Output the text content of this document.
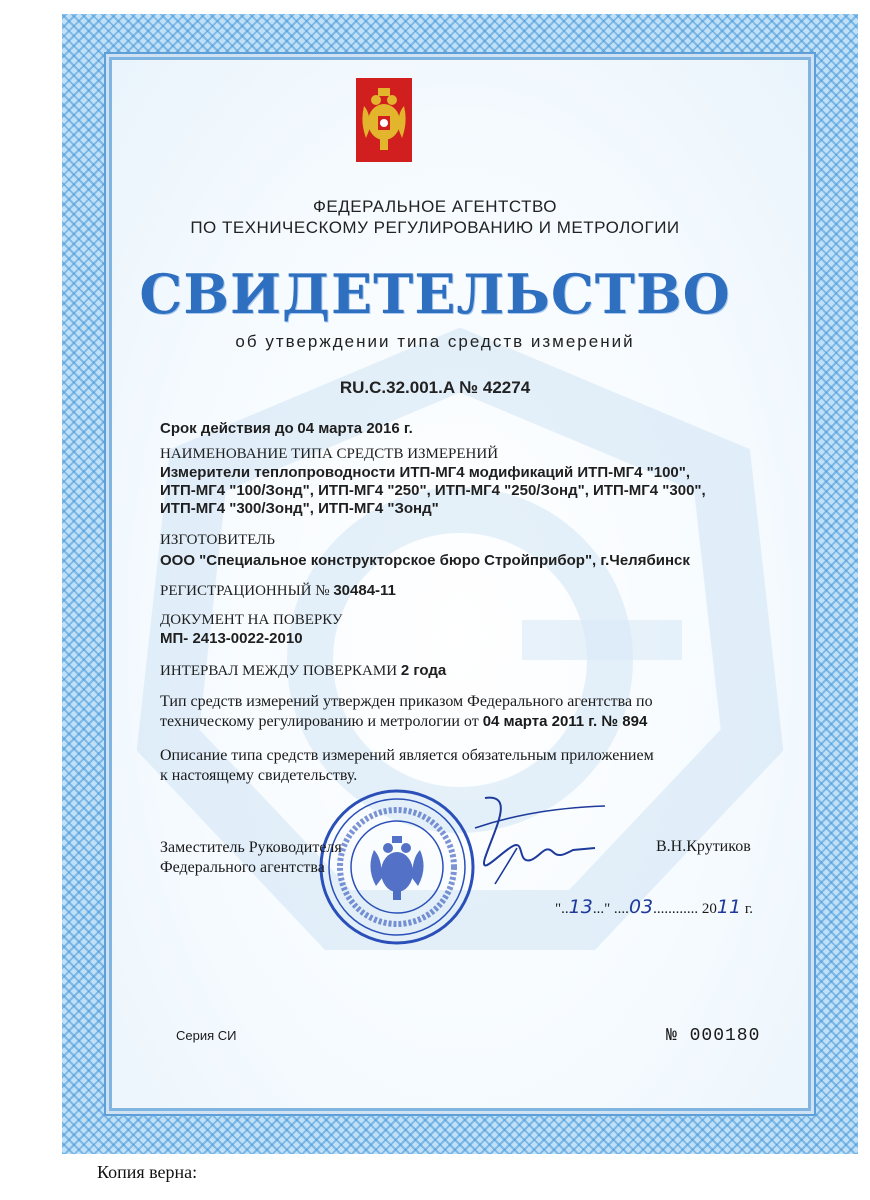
ФЕДЕРАЛЬНОЕ АГЕНТСТВО
ПО ТЕХНИЧЕСКОМУ РЕГУЛИРОВАНИЮ И МЕТРОЛОГИИ
СВИДЕТЕЛЬСТВО
об утверждении типа средств измерений
RU.C.32.001.A № 42274
Срок действия до 04 марта 2016 г.
НАИМЕНОВАНИЕ ТИПА СРЕДСТВ ИЗМЕРЕНИЙ
Измерители теплопроводности ИТП-МГ4 модификаций ИТП-МГ4 "100",
ИТП-МГ4 "100/Зонд", ИТП-МГ4 "250", ИТП-МГ4 "250/Зонд", ИТП-МГ4 "300",
ИТП-МГ4 "300/Зонд", ИТП-МГ4 "Зонд"
ИЗГОТОВИТЕЛЬ
ООО "Специальное конструкторское бюро Стройприбор", г.Челябинск
РЕГИСТРАЦИОННЫЙ № 30484-11
ДОКУМЕНТ НА ПОВЕРКУ
МП- 2413-0022-2010
ИНТЕРВАЛ МЕЖДУ ПОВЕРКАМИ 2 года
Тип средств измерений утвержден приказом Федерального агентства по
техническому регулированию и метрологии от 04 марта 2011 г. № 894
Описание типа средств измерений является обязательным приложением
к настоящему свидетельству.
Заместитель Руководителя
Федерального агентства
В.Н.Крутиков
"..13..." ....03............ 2011 г.
Серия СИ	№ 000180
Копия верна:
